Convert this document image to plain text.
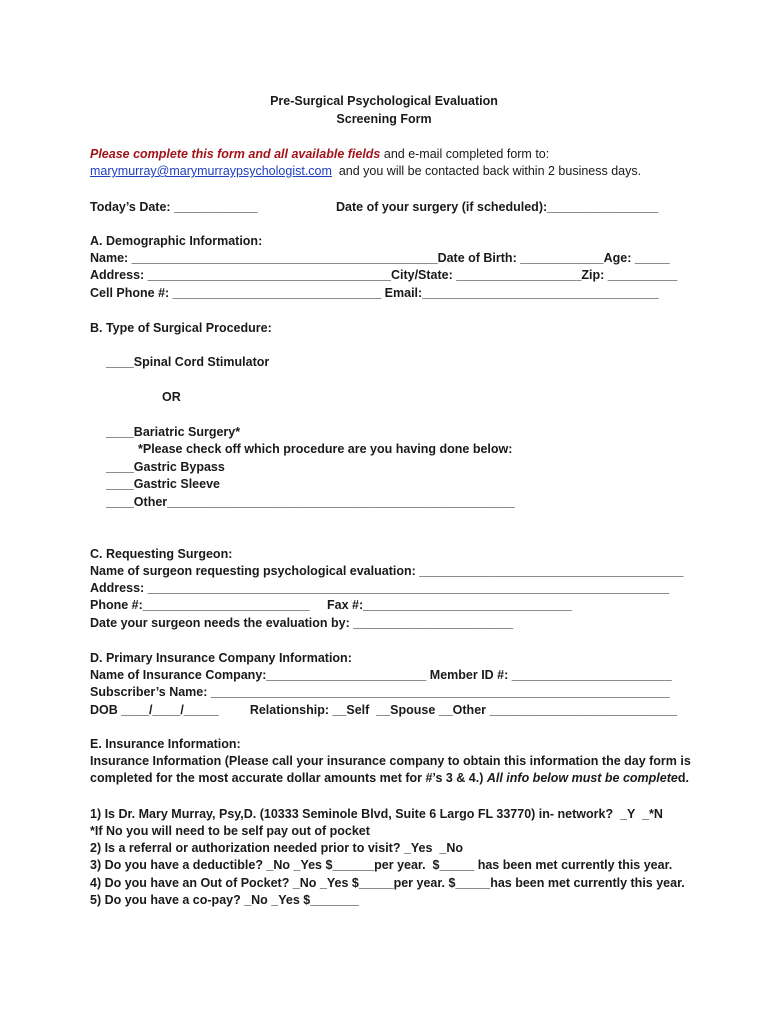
Pre-Surgical Psychological Evaluation
Screening Form
Please complete this form and all available fields and e-mail completed form to:
marymurray@marymurraypsychologist.com  and you will be contacted back within 2 business days.
Today’s Date: ____________	Date of your surgery (if scheduled):________________
A. Demographic Information:
Name: ____________________________________________Date of Birth: ____________Age: _____
Address: ___________________________________City/State: __________________Zip: __________
Cell Phone #: ______________________________ Email:__________________________________
B. Type of Surgical Procedure:
____Spinal Cord Stimulator
OR
____Bariatric Surgery*
*Please check off which procedure are you having done below:
____Gastric Bypass
____Gastric Sleeve
____Other__________________________________________________
C. Requesting Surgeon:
Name of surgeon requesting psychological evaluation: ______________________________________
Address: ___________________________________________________________________________
Phone #:________________________     Fax #:______________________________
Date your surgeon needs the evaluation by: _______________________
D. Primary Insurance Company Information:
Name of Insurance Company:_______________________ Member ID #: _______________________
Subscriber’s Name: __________________________________________________________________
DOB ____/____/_____         Relationship: __Self  __Spouse __Other ___________________________
E. Insurance Information:
Insurance Information (Please call your insurance company to obtain this information the day form is
completed for the most accurate dollar amounts met for #’s 3 & 4.) All info below must be completed.
1) Is Dr. Mary Murray, Psy,D. (10333 Seminole Blvd, Suite 6 Largo FL 33770) in- network?  _Y  _*N
*If No you will need to be self pay out of pocket
2) Is a referral or authorization needed prior to visit? _Yes  _No
3) Do you have a deductible? _No _Yes $______per year.  $_____ has been met currently this year.
4) Do you have an Out of Pocket? _No _Yes $_____per year. $_____has been met currently this year.
5) Do you have a co-pay? _No _Yes $_______
